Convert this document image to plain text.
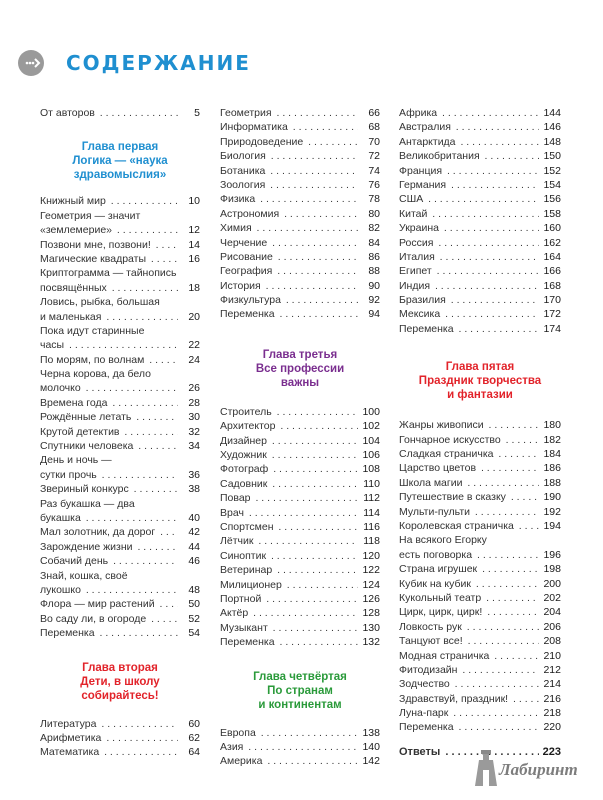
СОДЕРЖАНИЕ
От авторов . . .	5
Глава первая
Логика — «наука
здравомыслия»
Книжный мир . . .	10
Геометрия — значит
«землемерие» . . .	12
Позвони мне, позвони! . . .	14
Магические квадраты . . .	16
Криптограмма — тайнопись
посвящённых . . .	18
Ловись, рыбка, большая
и маленькая . . .	20
Пока идут старинные
часы . . .	22
По морям, по волнам . . .	24
Черна корова, да бело
молочко . . .	26
Времена года . . .	28
Рождённые летать . . .	30
Крутой детектив . . .	32
Спутники человека . . .	34
День и ночь —
сутки прочь . . .	36
Звериный конкурс . . .	38
Раз букашка — два
букашка . . .	40
Мал золотник, да дорог . . .	42
Зарождение жизни . . .	44
Собачий день . . .	46
Знай, кошка, своё
лукошко . . .	48
Флора — мир растений . . .	50
Во саду ли, в огороде . . .	52
Переменка . . .	54
Глава вторая
Дети, в школу
собирайтесь!
Литература . . .	60
Арифметика . . .	62
Математика . . .	64
Геометрия . . .	66
Информатика . . .	68
Природоведение . . .	70
Биология . . .	72
Ботаника . . .	74
Зоология . . .	76
Физика . . .	78
Астрономия . . .	80
Химия . . .	82
Черчение . . .	84
Рисование . . .	86
География . . .	88
История . . .	90
Физкультура . . .	92
Переменка . . .	94
Глава третья
Все профессии
важны
Строитель . . .	100
Архитектор . . .	102
Дизайнер . . .	104
Художник . . .	106
Фотограф . . .	108
Садовник . . .	110
Повар . . .	112
Врач . . .	114
Спортсмен . . .	116
Лётчик . . .	118
Синоптик . . .	120
Ветеринар . . .	122
Милиционер . . .	124
Портной . . .	126
Актёр . . .	128
Музыкант . . .	130
Переменка . . .	132
Глава четвёртая
По странам
и континентам
Европа . . .	138
Азия . . .	140
Америка . . .	142
Африка . . .	144
Австралия . . .	146
Антарктида . . .	148
Великобритания . . .	150
Франция . . .	152
Германия . . .	154
США . . .	156
Китай . . .	158
Украина . . .	160
Россия . . .	162
Италия . . .	164
Египет . . .	166
Индия . . .	168
Бразилия . . .	170
Мексика . . .	172
Переменка . . .	174
Глава пятая
Праздник творчества
и фантазии
Жанры живописи . . .	180
Гончарное искусство . . .	182
Сладкая страничка . . .	184
Царство цветов . . .	186
Школа магии . . .	188
Путешествие в сказку . . .	190
Мульти-пульти . . .	192
Королевская страничка . . .	194
На всякого Егорку
есть поговорка . . .	196
Страна игрушек . . .	198
Кубик на кубик . . .	200
Кукольный театр . . .	202
Цирк, цирк, цирк! . . .	204
Ловкость рук . . .	206
Танцуют все! . . .	208
Модная страничка . . .	210
Фитодизайн . . .	212
Зодчество . . .	214
Здравствуй, праздник! . . .	216
Луна-парк . . .	218
Переменка . . .	220
Ответы . . .	223
Лабиринт
